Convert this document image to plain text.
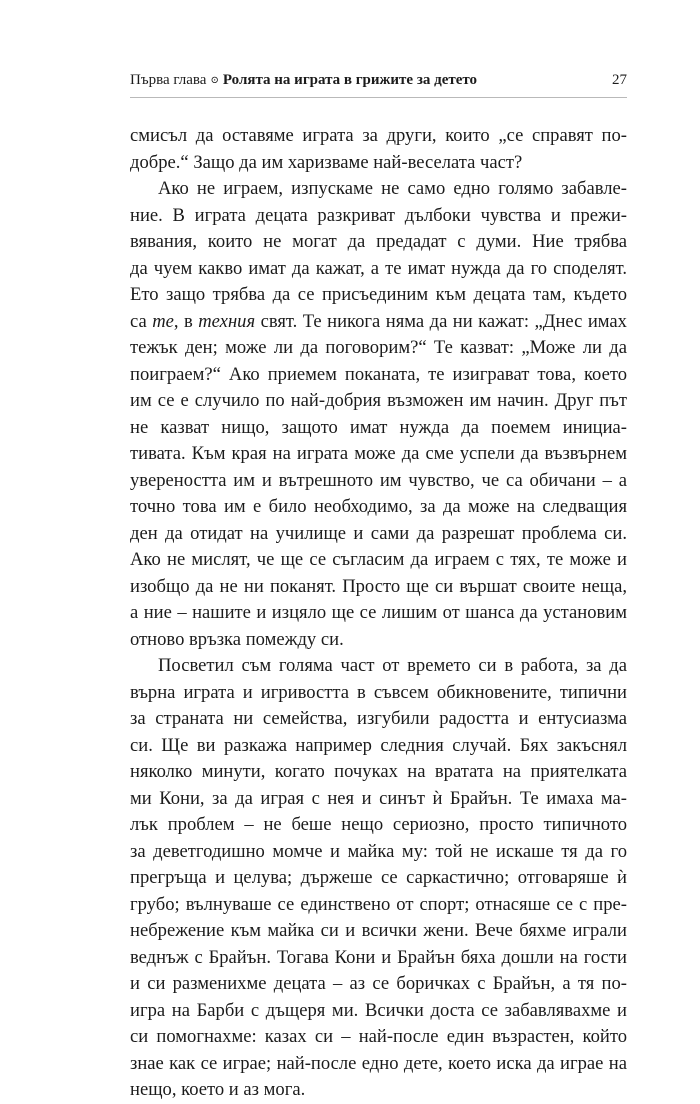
Първа глава ⊙ Ролята на играта в грижите за детето	27

смисъл да оставяме играта за други, които „се справят по-
добре.“ Защо да им харизваме най-веселата част?

Ако не играем, изпускаме не само едно голямо забавле-
ние. В играта децата разкриват дълбоки чувства и прежи-
вявания, които не могат да предадат с думи. Ние трябва
да чуем какво имат да кажат, а те имат нужда да го споделят.
Ето защо трябва да се присъединим към децата там, където
са те, в техния свят. Те никога няма да ни кажат: „Днес имах
тежък ден; може ли да поговорим?“ Те казват: „Може ли да
поиграем?“ Ако приемем поканата, те изиграват това, което
им се е случило по най-добрия възможен им начин. Друг път
не казват нищо, защото имат нужда да поемем инициа-
тивата. Към края на играта може да сме успели да възвърнем
увереността им и вътрешното им чувство, че са обичани – а
точно това им е било необходимо, за да може на следващия
ден да отидат на училище и сами да разрешат проблема си.
Ако не мислят, че ще се съгласим да играем с тях, те може и
изобщо да не ни поканят. Просто ще си вършат своите неща,
а ние – нашите и изцяло ще се лишим от шанса да установим
отново връзка помежду си.

Посветил съм голяма част от времето си в работа, за да
върна играта и игривостта в съвсем обикновените, типични
за страната ни семейства, изгубили радостта и ентусиазма
си. Ще ви разкажа например следния случай. Бях закъснял
няколко минути, когато почуках на вратата на приятелката
ми Кони, за да играя с нея и синът ѝ Брайън. Те имаха ма-
лък проблем – не беше нещо сериозно, просто типичното
за деветгодишно момче и майка му: той не искаше тя да го
прегръща и целува; държеше се саркастично; отговаряше ѝ
грубо; вълнуваше се единствено от спорт; отнасяше се с пре-
небрежение към майка си и всички жени. Вече бяхме играли
веднъж с Брайън. Тогава Кони и Брайън бяха дошли на гости
и си разменихме децата – аз се боричках с Брайън, а тя по-
игра на Барби с дъщеря ми. Всички доста се забавлявахме и
си помогнахме: казах си – най-после един възрастен, който
знае как се играе; най-после едно дете, което иска да играе на
нещо, което и аз мога.
